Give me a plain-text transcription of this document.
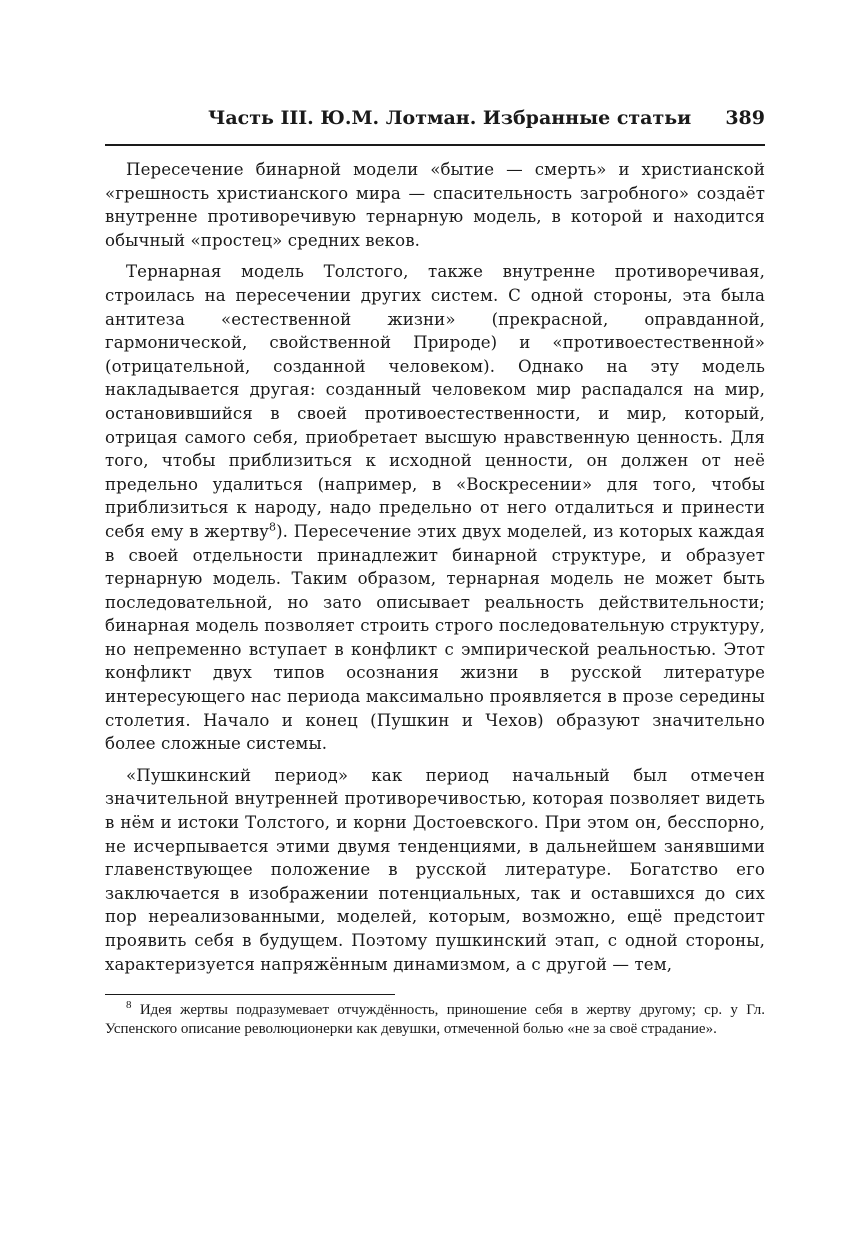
Часть III. Ю.М. Лотман. Избранные статьи 389

Пересечение бинарной модели «бытие — смерть» и христианской «грешность христианского мира — спасительность загробного» создаёт внутренне противоречивую тернарную модель, в которой и находится обычный «простец» средних веков.

Тернарная модель Толстого, также внутренне противоречивая, строилась на пересечении других систем. С одной стороны, эта была антитеза «естественной жизни» (прекрасной, оправданной, гармонической, свойственной Природе) и «противоестественной» (отрицательной, созданной человеком). Однако на эту модель накладывается другая: созданный человеком мир распадался на мир, остановившийся в своей противоестественности, и мир, который, отрицая самого себя, приобретает высшую нравственную ценность. Для того, чтобы приблизиться к исходной ценности, он должен от неё предельно удалиться (например, в «Воскресении» для того, чтобы приблизиться к народу, надо предельно от него отдалиться и принести себя ему в жертву$^8$). Пересечение этих двух моделей, из которых каждая в своей отдельности принадлежит бинарной структуре, и образует тернарную модель. Таким образом, тернарная модель не может быть последовательной, но зато описывает реальность действительности; бинарная модель позволяет строить строго последовательную структуру, но непременно вступает в конфликт с эмпирической реальностью. Этот конфликт двух типов осознания жизни в русской литературе интересующего нас периода максимально проявляется в прозе середины столетия. Начало и конец (Пушкин и Чехов) образуют значительно более сложные системы.

«Пушкинский период» как период начальный был отмечен значительной внутренней противоречивостью, которая позволяет видеть в нём и истоки Толстого, и корни Достоевского. При этом он, бесспорно, не исчерпывается этими двумя тенденциями, в дальнейшем занявшими главенствующее положение в русской литературе. Богатство его заключается в изображении потенциальных, так и оставшихся до сих пор нереализованными, моделей, которым, возможно, ещё предстоит проявить себя в будущем. Поэтому пушкинский этап, с одной стороны, характеризуется напряжённым динамизмом, а с другой — тем,

$^8$ Идея жертвы подразумевает отчуждённость, приношение себя в жертву другому; ср. у Гл. Успенского описание революционерки как девушки, отмеченной болью «не за своё страдание».
